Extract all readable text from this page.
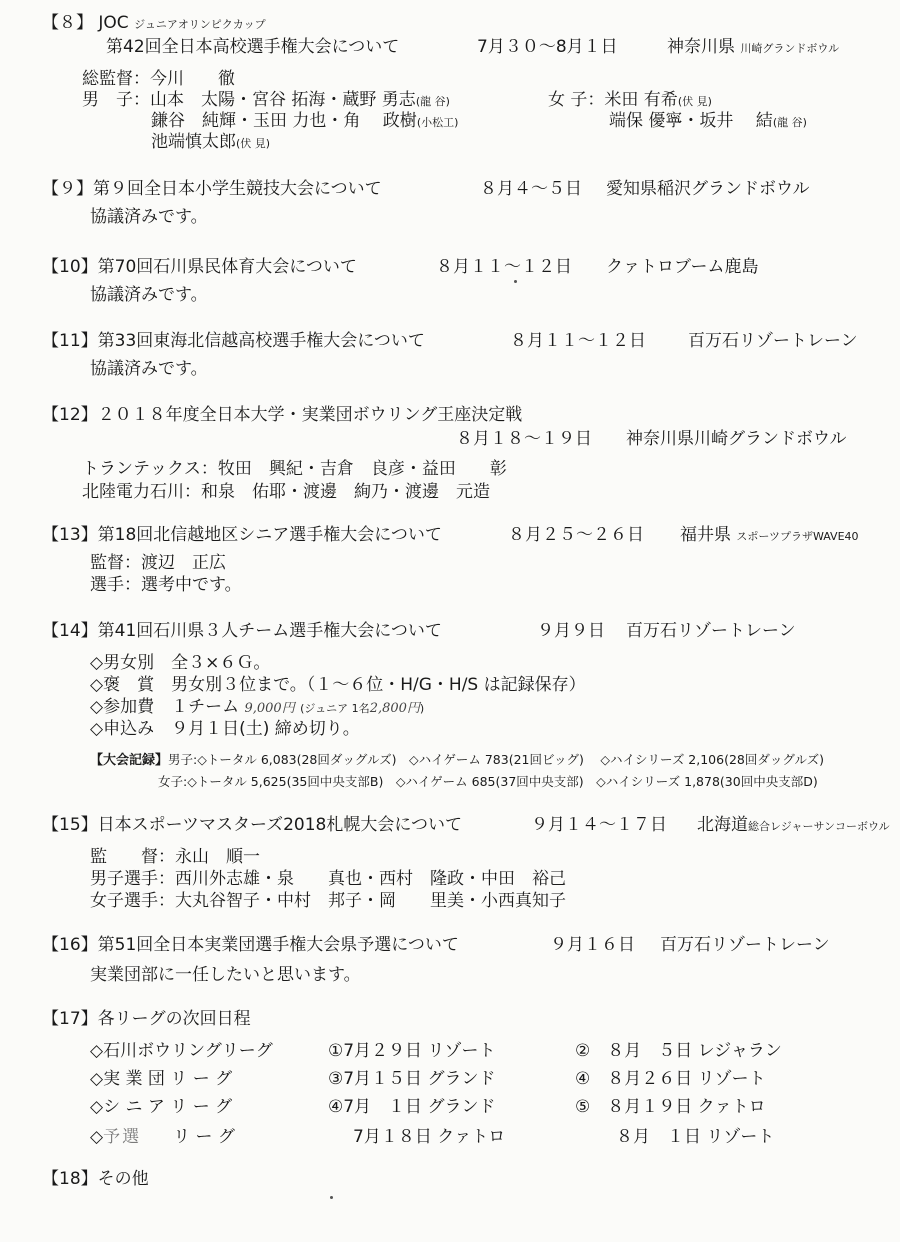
【８】 JOC ジュニアオリンピクカップ
第42回全日本高校選手権大会について	7月３０～8月１日	神奈川県 川崎グランドボウル
総監督：今川　　徹
男　子：山本　太陽・宮谷 拓海・蔵野 勇志(龍 谷)	女 子：米田 有希(伏 見)
鎌谷　純輝・玉田 力也・角　 政樹(小松工)	端保 優寧・坂井　 結(龍 谷)
池端慎太郎(伏 見)
【９】第９回全日本小学生競技大会について	８月４～５日 愛知県稲沢グランドボウル
協議済みです。
【10】第70回石川県民体育大会について	８月１１～１２日 クァトロブーム鹿島
協議済みです。
【11】第33回東海北信越高校選手権大会について	８月１１～１２日 百万石リゾートレーン
協議済みです。
【12】２０１８年度全日本大学・実業団ボウリング王座決定戦
８月１８～１９日 神奈川県川崎グランドボウル
トランテックス：牧田　興紀・吉倉　良彦・益田　　彰
北陸電力石川：和泉　佑耶・渡邊　絢乃・渡邊　元造
【13】第18回北信越地区シニア選手権大会について	８月２５～２６日 福井県 スポーツプラザWAVE40
監督：渡辺　正広
選手：選考中です。
【14】第41回石川県３人チーム選手権大会について	９月９日 百万石リゾートレーン
◇男女別　全３×６Ｇ。
◇褒　賞　男女別３位まで。（１～６位・H/G・H/S は記録保存）
◇参加費　１チーム 9,000円 (ジュニア 1名2,800円)
◇申込み　９月１日(土) 締め切り。
【大会記録】男子:◇トータル 6,083(28回ダッグルズ)　◇ハイゲーム 783(21回ビッグ)　 ◇ハイシリーズ 2,106(28回ダッグルズ)
女子:◇トータル 5,625(35回中央支部B)　◇ハイゲーム 685(37回中央支部)　◇ハイシリーズ 1,878(30回中央支部D)
【15】日本スポーツマスターズ2018札幌大会について	９月１４～１７日 北海道総合レジャーサンコーボウル
監　　督：永山　順一
男子選手：西川外志雄・泉　　真也・西村　隆政・中田　裕己
女子選手：大丸谷智子・中村　邦子・岡　　里美・小西真知子
【16】第51回全日本実業団選手権大会県予選について	９月１６日 百万石リゾートレーン
実業団部に一任したいと思います。
【17】各リーグの次回日程
◇石川ボウリングリーグ	①7月２９日 リゾート	②　８月　５日 レジャラン
◇実 業 団 リ ー グ	③7月１５日 グランド	④　８月２６日 リゾート
◇シ ニ ア リ ー グ	④7月　１日 グランド	⑤　８月１９日 クァトロ
◇予選 リ ー グ	7月１８日 クァトロ	８月　１日 リゾート
【18】その他
